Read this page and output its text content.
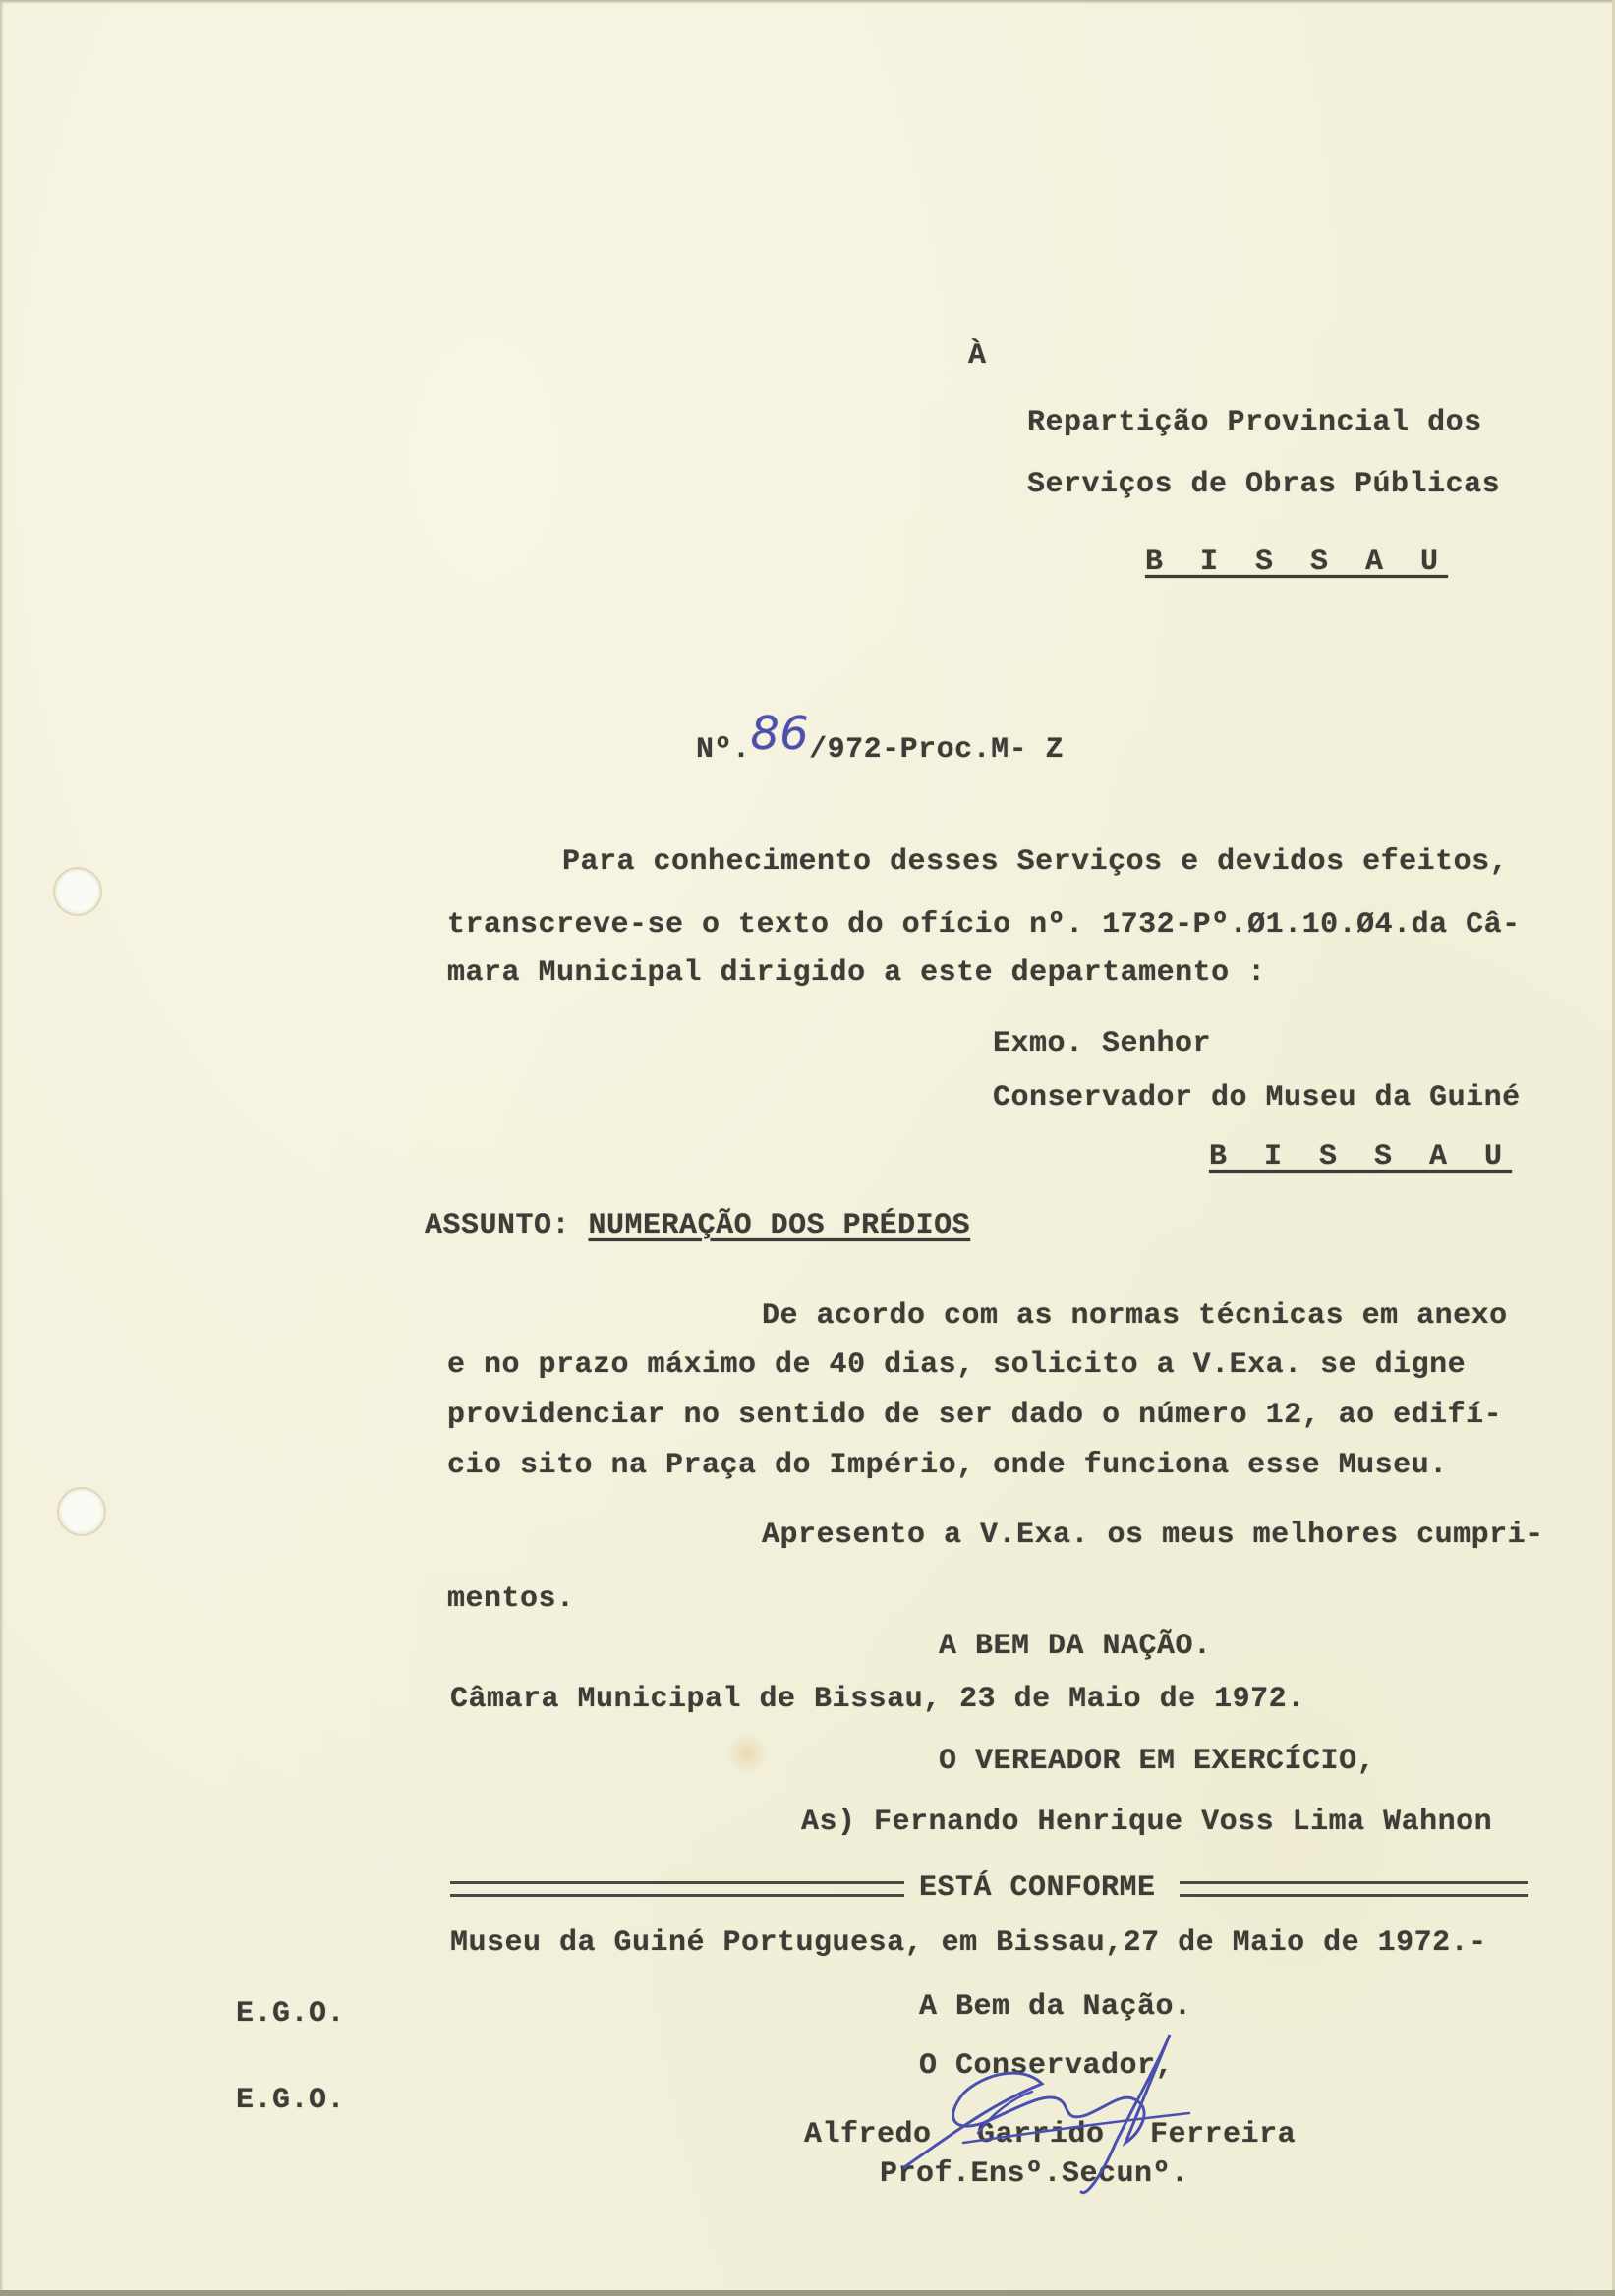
À
Repartição Provincial dos
Serviços de Obras Públicas
B I S S A U
Nº.86/972-Proc.M- Z
Para conhecimento desses Serviços e devidos efeitos,
transcreve-se o texto do ofício nº. 1732-Pº.Ø1.10.Ø4.da Câ-
mara Municipal dirigido a este departamento :
Exmo. Senhor
Conservador do Museu da Guiné
B I S S A U
ASSUNTO: NUMERAÇÃO DOS PRÉDIOS
De acordo com as normas técnicas em anexo
e no prazo máximo de 40 dias, solicito a V.Exa. se digne
providenciar no sentido de ser dado o número 12, ao edifí-
cio sito na Praça do Império, onde funciona esse Museu.
Apresento a V.Exa. os meus melhores cumpri-
mentos.
A BEM DA NAÇÃO.
Câmara Municipal de Bissau, 23 de Maio de 1972.
O VEREADOR EM EXERCÍCIO,
As) Fernando Henrique Voss Lima Wahnon
ESTÁ CONFORME
Museu da Guiné Portuguesa, em Bissau,27 de Maio de 1972.-
A Bem da Nação.
O Conservador,
Alfredo Garrido Ferreira
Prof.Ensº.Secunº.
E.G.O.
E.G.O.
